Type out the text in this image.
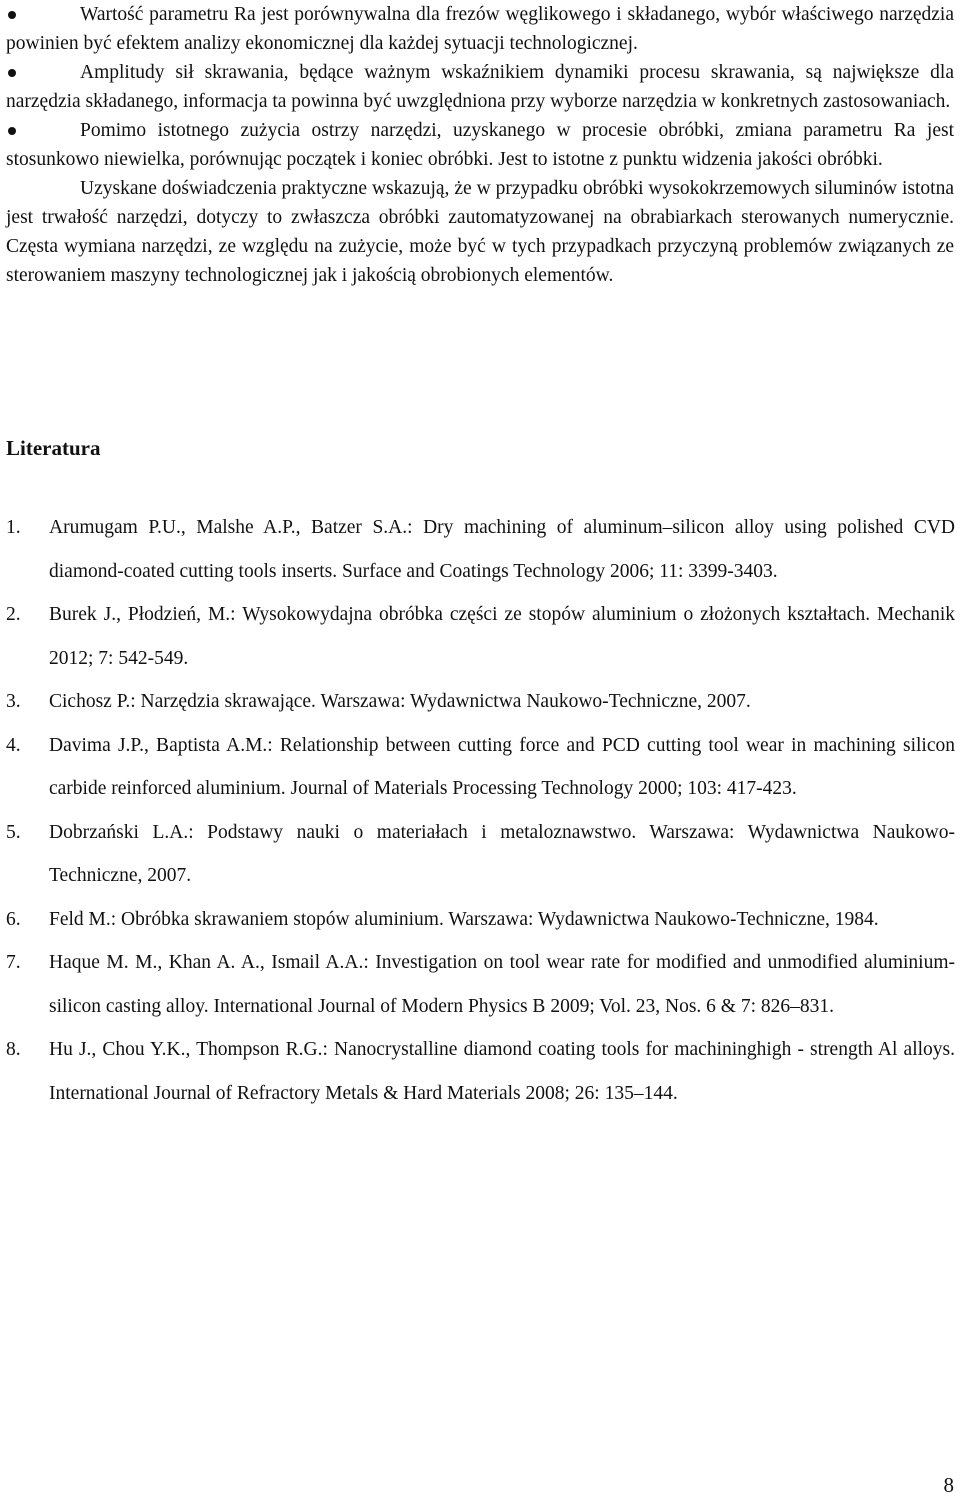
Wartość parametru Ra jest porównywalna dla frezów węglikowego i składanego, wybór właściwego narzędzia powinien być efektem analizy ekonomicznej dla każdej sytuacji technologicznej.
Amplitudy sił skrawania, będące ważnym wskaźnikiem dynamiki procesu skrawania, są największe dla narzędzia składanego, informacja ta powinna być uwzględniona przy wyborze narzędzia w konkretnych zastosowaniach.
Pomimo istotnego zużycia ostrzy narzędzi, uzyskanego w procesie obróbki, zmiana parametru Ra jest stosunkowo niewielka, porównując początek i koniec obróbki. Jest to istotne z punktu widzenia jakości obróbki.
Uzyskane doświadczenia praktyczne wskazują, że w przypadku obróbki wysokokrzemowych siluminów istotna jest trwałość narzędzi, dotyczy to zwłaszcza obróbki zautomatyzowanej na obrabiarkach sterowanych numerycznie. Częsta wymiana narzędzi, ze względu na zużycie, może być w tych przypadkach przyczyną problemów związanych ze sterowaniem maszyny technologicznej jak i jakością obrobionych elementów.
Literatura
1. Arumugam P.U., Malshe A.P., Batzer S.A.: Dry machining of aluminum–silicon alloy using polished CVD diamond-coated cutting tools inserts. Surface and Coatings Technology 2006; 11: 3399-3403.
2. Burek J., Płodzień, M.: Wysokowydajna obróbka części ze stopów aluminium o złożonych kształtach. Mechanik 2012; 7: 542-549.
3. Cichosz P.: Narzędzia skrawające. Warszawa: Wydawnictwa Naukowo-Techniczne, 2007.
4. Davima J.P., Baptista A.M.: Relationship between cutting force and PCD cutting tool wear in machining silicon carbide reinforced aluminium. Journal of Materials Processing Technology 2000; 103: 417-423.
5. Dobrzański L.A.: Podstawy nauki o materiałach i metaloznawstwo. Warszawa: Wydawnictwa Naukowo-Techniczne, 2007.
6. Feld M.: Obróbka skrawaniem stopów aluminium. Warszawa: Wydawnictwa Naukowo-Techniczne, 1984.
7. Haque M. M., Khan A. A., Ismail A.A.: Investigation on tool wear rate for modified and unmodified aluminium-silicon casting alloy. International Journal of Modern Physics B 2009; Vol. 23, Nos. 6 & 7: 826–831.
8. Hu J., Chou Y.K., Thompson R.G.: Nanocrystalline diamond coating tools for machininghigh - strength Al alloys. International Journal of Refractory Metals & Hard Materials 2008; 26: 135–144.
8
